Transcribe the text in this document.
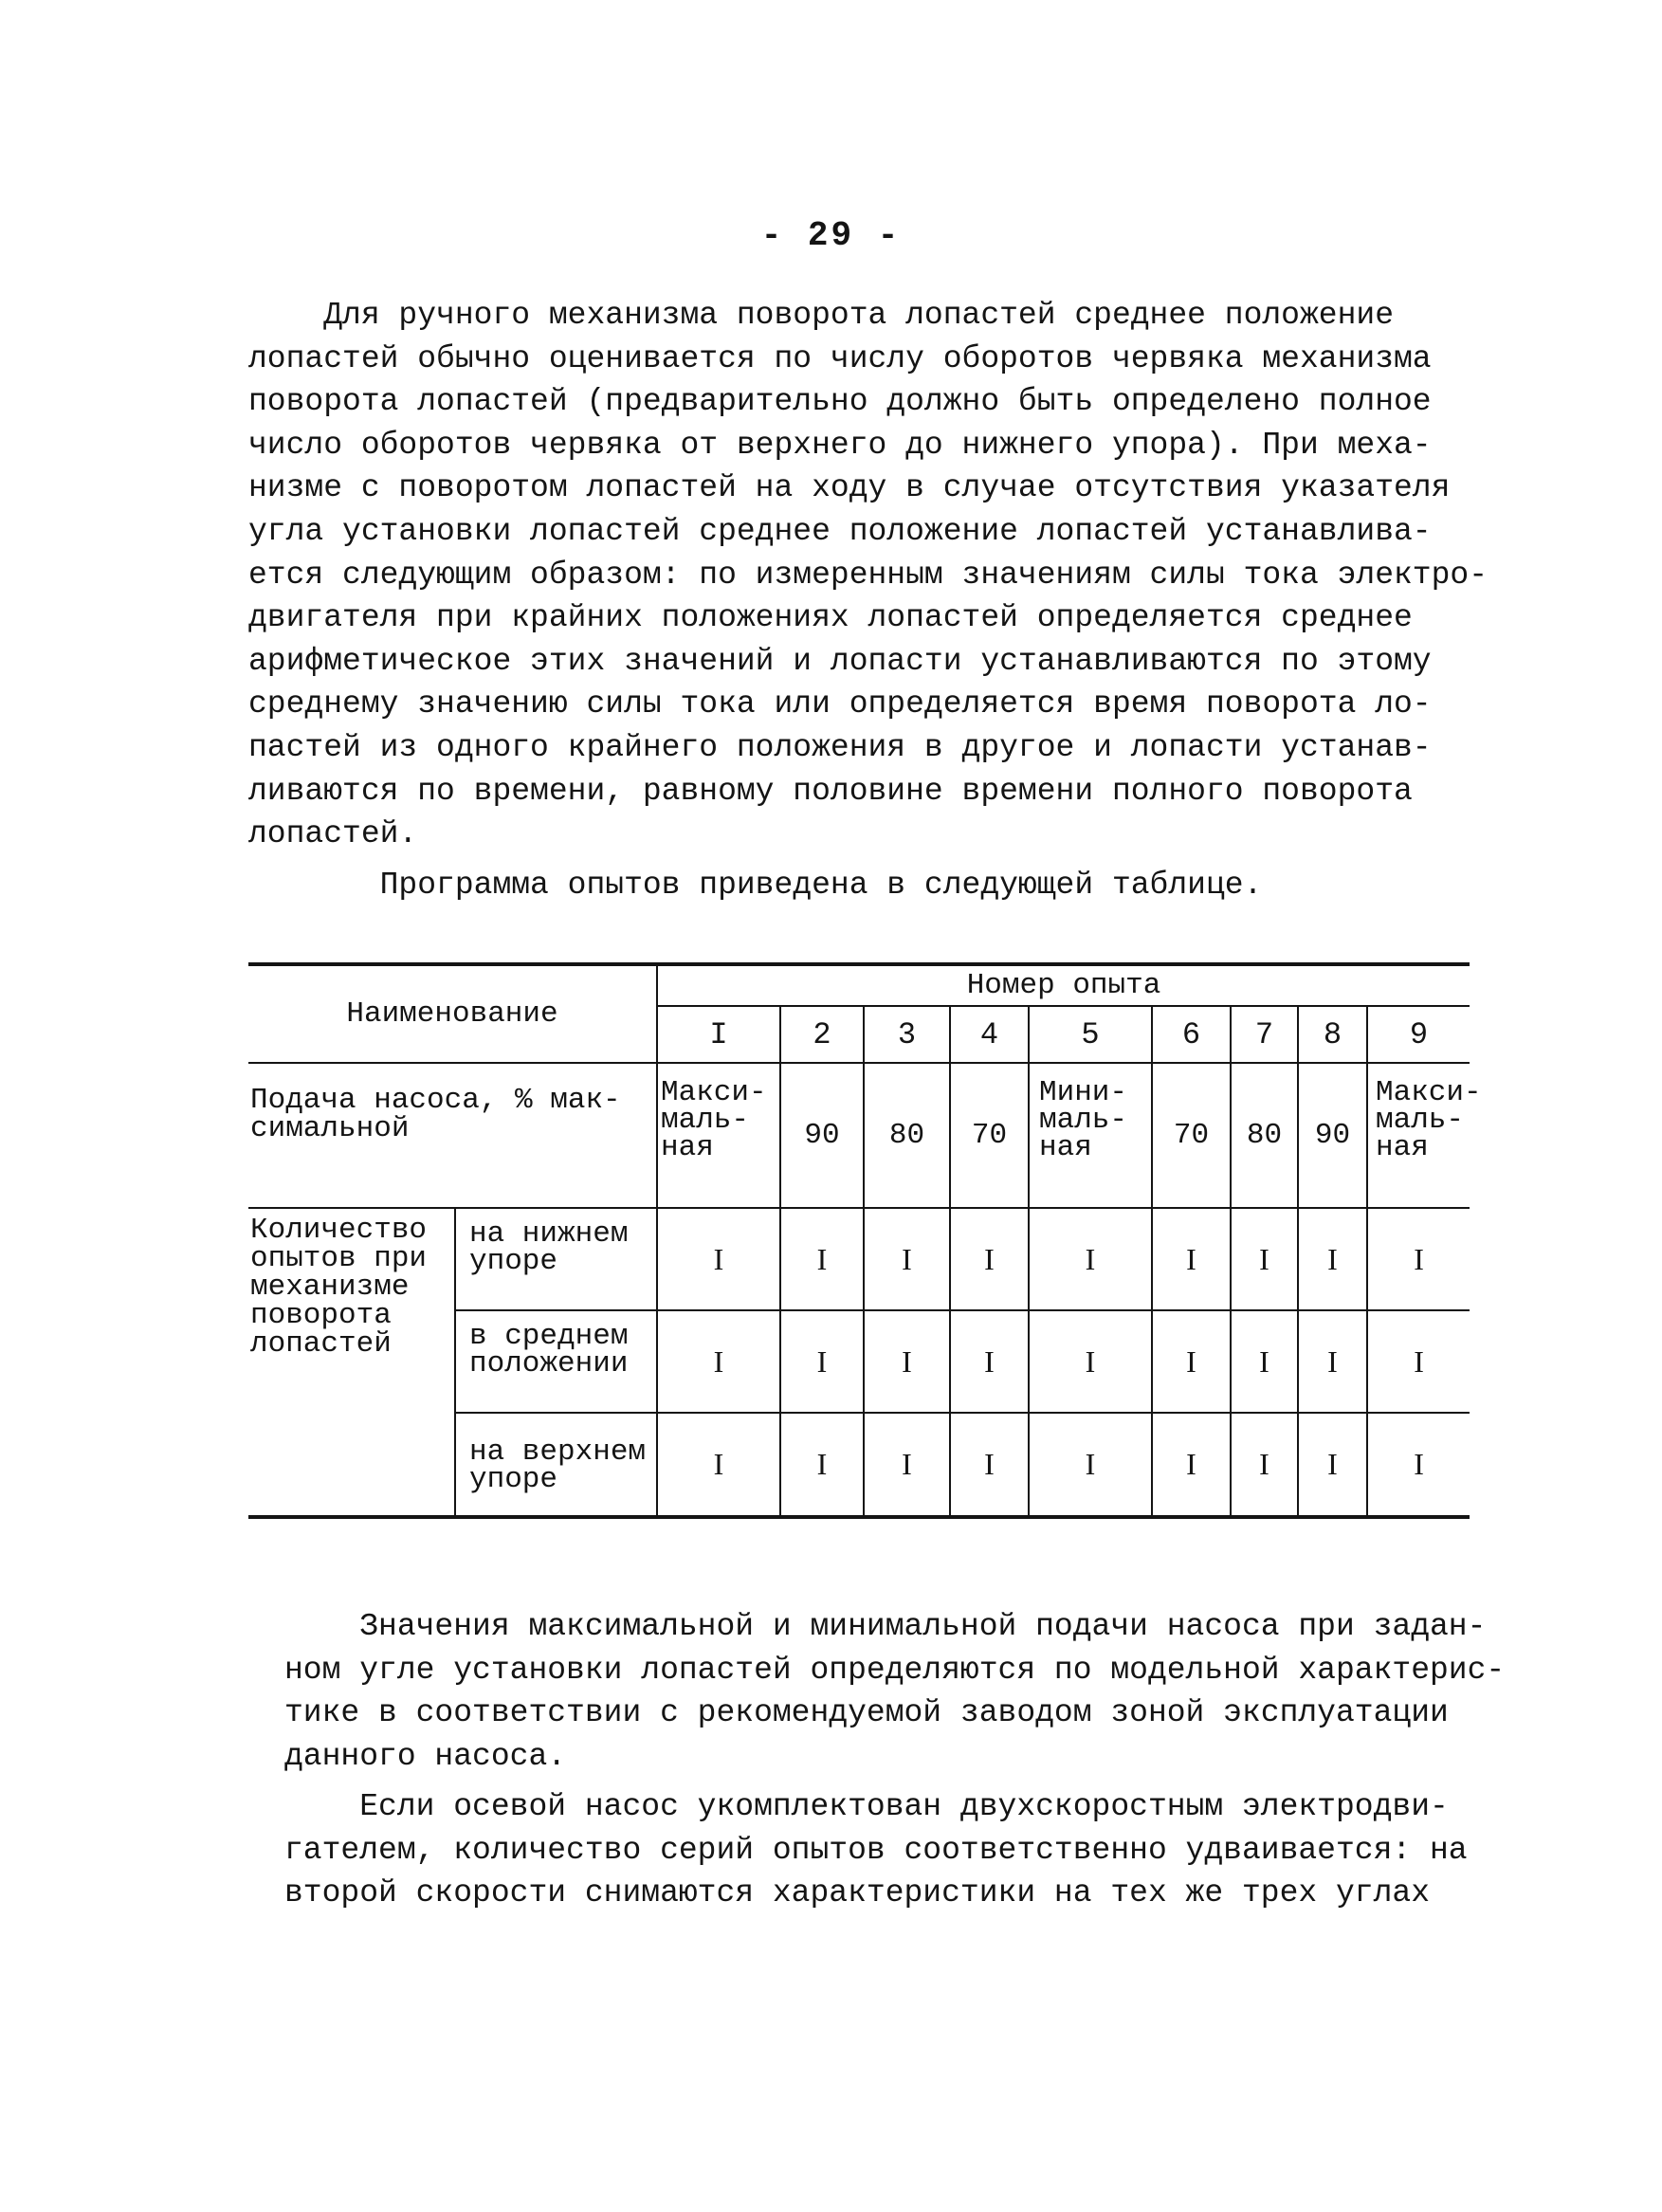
- 29 -

Для ручного механизма поворота лопастей среднее положение
лопастей обычно оценивается по числу оборотов червяка механизма
поворота лопастей (предварительно должно быть определено полное
число оборотов червяка от верхнего до нижнего упора). При меха-
низме с поворотом лопастей на ходу в случае отсутствия указателя
угла установки лопастей среднее положение лопастей устанавлива-
ется следующим образом: по измеренным значениям силы тока электро-
двигателя при крайних положениях лопастей определяется среднее
арифметическое этих значений и лопасти устанавливаются по этому
среднему значению силы тока или определяется время поворота ло-
пастей из одного крайнего положения в другое и лопасти устанав-
ливаются по времени, равному половине времени полного поворота
лопастей.

Программа опытов приведена в следующей таблице.

Наименование		Номер опыта								
		I	2	3	4	5	6	7	8	9
Подача насоса, % мак-
симальной		Макси-
маль-
ная	90	80	70	Мини-
маль-
ная	70	80	90	Макси-
маль-
ная
Количество
опытов при
механизме
поворота
лопастей	на нижнем
упоре	I	I	I	I	I	I	I	I	I
	в среднем
положении	I	I	I	I	I	I	I	I	I
	на верхнем
упоре	I	I	I	I	I	I	I	I	I

Значения максимальной и минимальной подачи насоса при задан-
ном угле установки лопастей определяются по модельной характерис-
тике в соответствии с рекомендуемой заводом зоной эксплуатации
данного насоса.

Если осевой насос укомплектован двухскоростным электродви-
гателем, количество серий опытов соответственно удваивается: на
второй скорости снимаются характеристики на тех же трех углах
